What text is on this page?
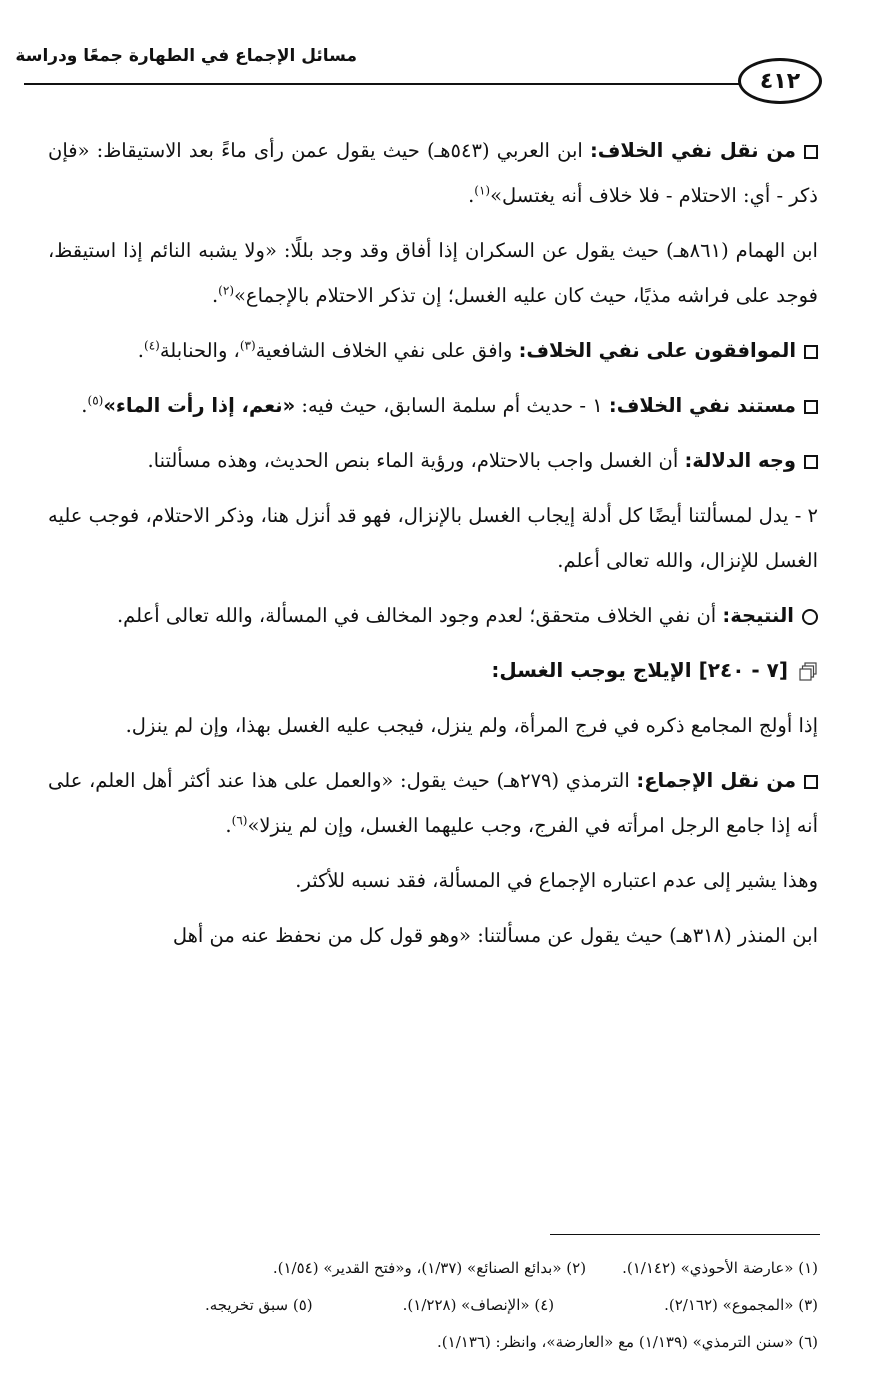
مسائل الإجماع في الطهارة جمعًا ودراسة
٤١٢

من نقل نفي الخلاف: ابن العربي (٥٤٣هـ) حيث يقول عمن رأى ماءً بعد الاستيقاظ: «فإن ذكر - أي: الاحتلام - فلا خلاف أنه يغتسل»$^{(١)}$.

ابن الهمام (٨٦١هـ) حيث يقول عن السكران إذا أفاق وقد وجد بللًا: «ولا يشبه النائم إذا استيقظ، فوجد على فراشه مذيًا، حيث كان عليه الغسل؛ إن تذكر الاحتلام بالإجماع»$^{(٢)}$.

الموافقون على نفي الخلاف: وافق على نفي الخلاف الشافعية$^{(٣)}$، والحنابلة$^{(٤)}$.

مستند نفي الخلاف: ١ - حديث أم سلمة السابق، حيث فيه: «نعم، إذا رأت الماء»$^{(٥)}$.

وجه الدلالة: أن الغسل واجب بالاحتلام، ورؤية الماء بنص الحديث، وهذه مسألتنا.

٢ - يدل لمسألتنا أيضًا كل أدلة إيجاب الغسل بالإنزال، فهو قد أنزل هنا، وذكر الاحتلام، فوجب عليه الغسل للإنزال، والله تعالى أعلم.

النتيجة: أن نفي الخلاف متحقق؛ لعدم وجود المخالف في المسألة، والله تعالى أعلم.

[٧ - ٢٤٠] الإيلاج يوجب الغسل:

إذا أولج المجامع ذكره في فرج المرأة، ولم ينزل، فيجب عليه الغسل بهذا، وإن لم ينزل.

من نقل الإجماع: الترمذي (٢٧٩هـ) حيث يقول: «والعمل على هذا عند أكثر أهل العلم، على أنه إذا جامع الرجل امرأته في الفرج، وجب عليهما الغسل، وإن لم ينزلا»$^{(٦)}$.

وهذا يشير إلى عدم اعتباره الإجماع في المسألة، فقد نسبه للأكثر.

ابن المنذر (٣١٨هـ) حيث يقول عن مسألتنا: «وهو قول كل من نحفظ عنه من أهل

(١) «عارضة الأحوذي» (١/١٤٢).
(٢) «بدائع الصنائع» (١/٣٧)، و«فتح القدير» (١/٥٤).
(٣) «المجموع» (٢/١٦٢).
(٤) «الإنصاف» (١/٢٢٨).
(٥) سبق تخريجه.
(٦) «سنن الترمذي» (١/١٣٩) مع «العارضة»، وانظر: (١/١٣٦).
